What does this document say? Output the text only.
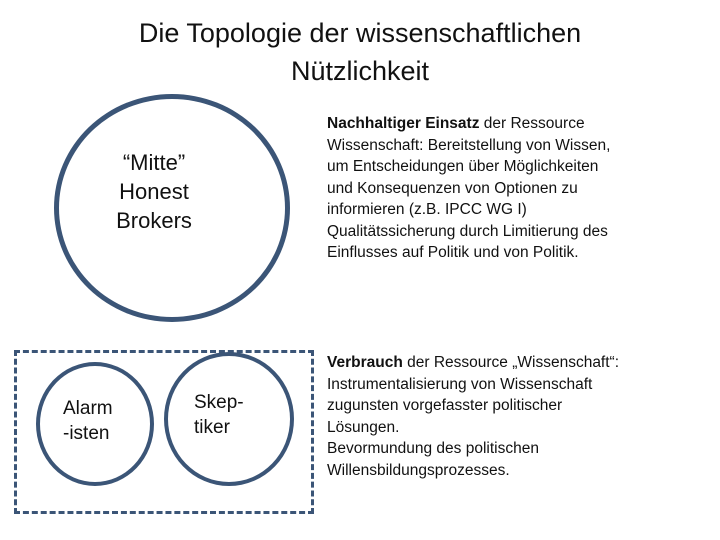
Die Topologie der wissenschaftlichen
Nützlichkeit
“Mitte”
Honest
Brokers
Alarm
-isten
Skep-
tiker
Nachhaltiger Einsatz der Ressource
Wissenschaft: Bereitstellung von Wissen,
um Entscheidungen über Möglichkeiten
und Konsequenzen von Optionen zu
informieren (z.B. IPCC WG I)
Qualitätssicherung durch Limitierung des
Einflusses auf Politik und von Politik.
Verbrauch der Ressource „Wissenschaft“:
Instrumentalisierung von Wissenschaft
zugunsten vorgefasster politischer
Lösungen.
Bevormundung des politischen
Willensbildungsprozesses.
